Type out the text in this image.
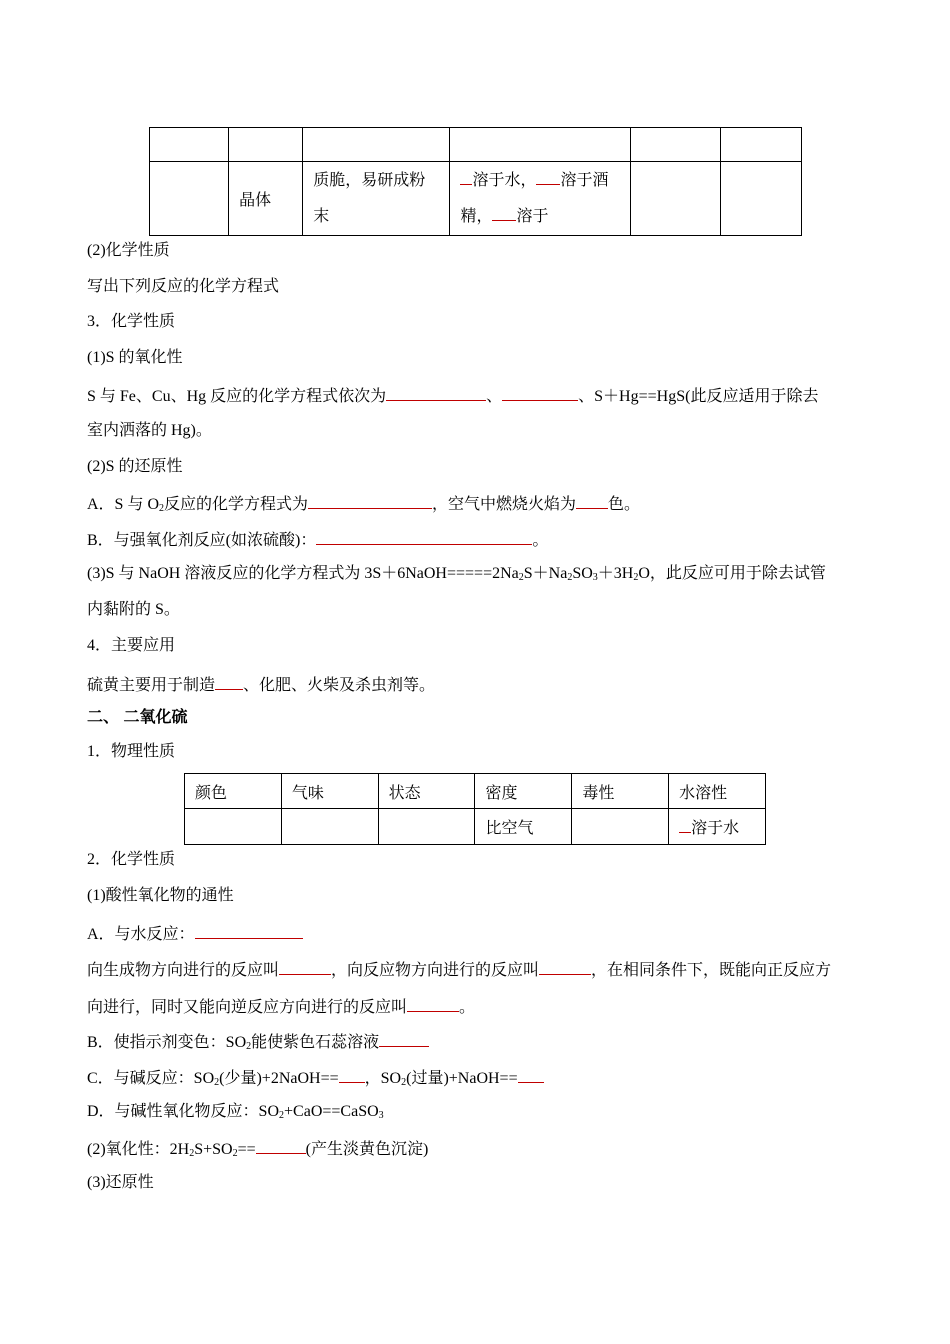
	晶体	质脆，易研成粉末	溶于水， 溶于酒精， 溶于		

(2)化学性质
写出下列反应的化学方程式
3．化学性质
(1)S 的氧化性
S 与 Fe、Cu、Hg 反应的化学方程式依次为	、	、S＋Hg==HgS(此反应适用于除去
室内洒落的 Hg)。
(2)S 的还原性
A．S 与 $O_2$反应的化学方程式为	，空气中燃烧火焰为 色。
B．与强氧化剂反应(如浓硫酸)：	。
(3)S 与 NaOH 溶液反应的化学方程式为 $3S+6NaOH=====2Na_2S+Na_2SO_3+3H_2O$，此反应可用于除去试管
内黏附的 S。
4．主要应用
硫黄主要用于制造 、化肥、火柴及杀虫剂等。
二、 二氧化硫
1．物理性质
颜色	气味	状态	密度	毒性	水溶性
			比空气		溶于水
2．化学性质
(1)酸性氧化物的通性
A．与水反应：
向生成物方向进行的反应叫	，向反应物方向进行的反应叫	，在相同条件下，既能向正反应方
向进行，同时又能向逆反应方向进行的反应叫	。
B．使指示剂变色：$SO_2$能使紫色石蕊溶液
C．与碱反应：$SO_2$(少量)+2NaOH== ，$SO_2$(过量)+NaOH==
D．与碱性氧化物反应：$SO_2+CaO==CaSO_3$
(2)氧化性：$2H_2S+SO_2==$	(产生淡黄色沉淀)
(3)还原性
